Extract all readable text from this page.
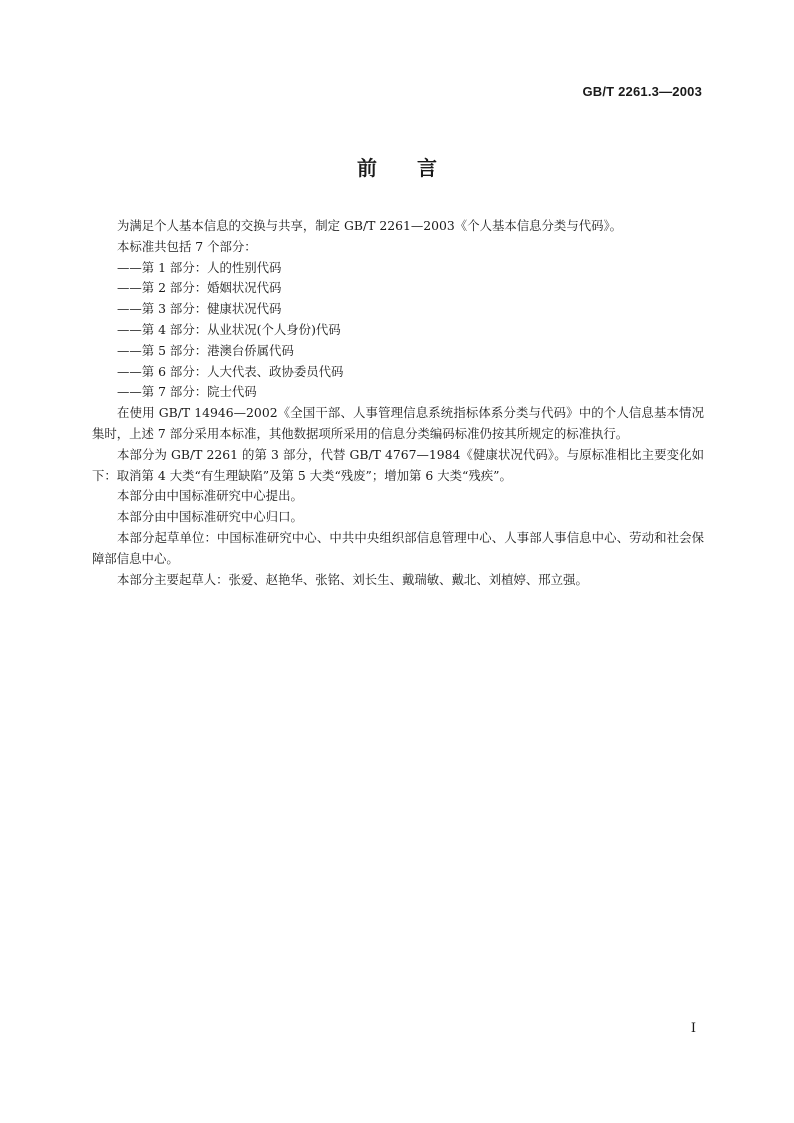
GB/T 2261.3—2003
前言

为满足个人基本信息的交换与共享，制定 GB/T 2261—2003《个人基本信息分类与代码》。

本标准共包括 7 个部分：

——第 1 部分：人的性别代码

——第 2 部分：婚姻状况代码

——第 3 部分：健康状况代码

——第 4 部分：从业状况(个人身份)代码

——第 5 部分：港澳台侨属代码

——第 6 部分：人大代表、政协委员代码

——第 7 部分：院士代码

在使用 GB/T 14946—2002《全国干部、人事管理信息系统指标体系分类与代码》中的个人信息基本情况集时，上述 7 部分采用本标准，其他数据项所采用的信息分类编码标准仍按其所规定的标准执行。

本部分为 GB/T 2261 的第 3 部分，代替 GB/T 4767—1984《健康状况代码》。与原标准相比主要变化如下：取消第 4 大类“有生理缺陷”及第 5 大类“残废”；增加第 6 大类“残疾”。

本部分由中国标准研究中心提出。

本部分由中国标准研究中心归口。

本部分起草单位：中国标准研究中心、中共中央组织部信息管理中心、人事部人事信息中心、劳动和社会保障部信息中心。

本部分主要起草人：张爱、赵艳华、张铭、刘长生、戴瑞敏、戴北、刘植婷、邢立强。

I
